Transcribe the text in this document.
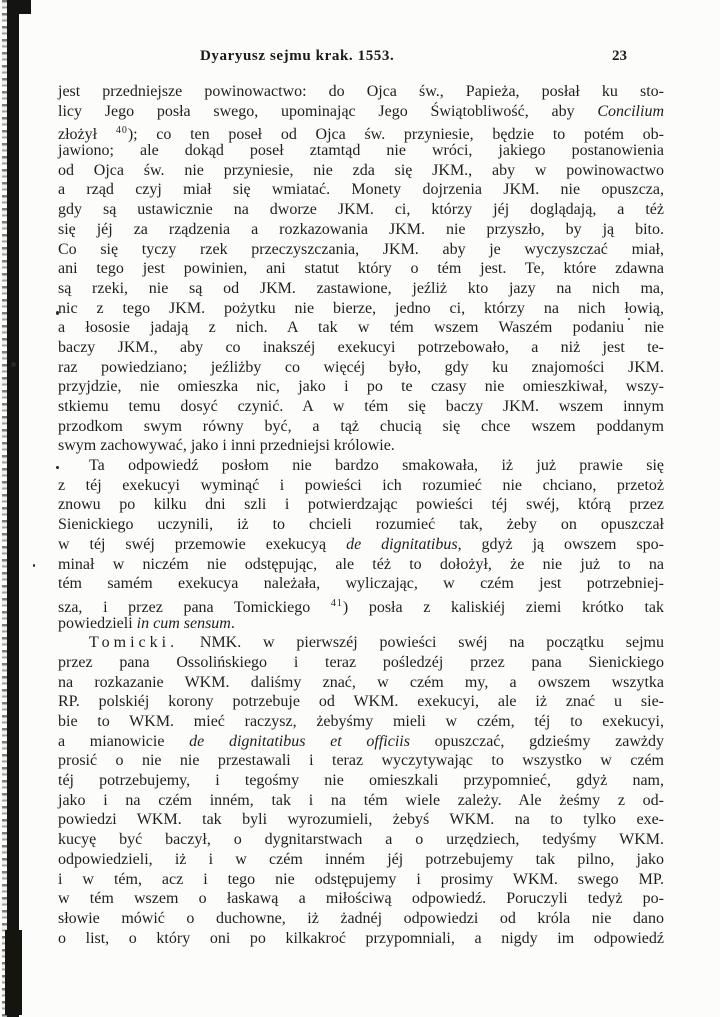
Dyaryusz sejmu krak. 1553.	23
jest przedniejsze powinowactwo: do Ojca św., Papieża, posłał ku sto-
licy Jego posła swego, upominając Jego Świątobliwość, aby Concilium
złożył $^{40}$); co ten poseł od Ojca św. przyniesie, będzie to potém ob-
jawiono; ale dokąd poseł ztamtąd nie wróci, jakiego postanowienia
od Ojca św. nie przyniesie, nie zda się JKM., aby w powinowactwo
a rząd czyj miał się wmiatać. Monety dojrzenia JKM. nie opuszcza,
gdy są ustawicznie na dworze JKM. ci, którzy jéj doglądają, a téż
się jéj za rządzenia a rozkazowania JKM. nie przyszło, by ją bito.
Co się tyczy rzek przeczyszczania, JKM. aby je wyczyszczać miał,
ani tego jest powinien, ani statut który o tém jest. Te, które zdawna
są rzeki, nie są od JKM. zastawione, jeźliż kto jazy na nich ma,
nic z tego JKM. pożytku nie bierze, jedno ci, którzy na nich łowią,
a łososie jadają z nich. A tak w tém wszem Waszém podaniu nie
baczy JKM., aby co inakszéj exekucyi potrzebowało, a niż jest te-
raz powiedziano; jeźliżby co więcéj było, gdy ku znajomości JKM.
przyjdzie, nie omieszka nic, jako i po te czasy nie omieszkiwał, wszy-
stkiemu temu dosyć czynić. A w tém się baczy JKM. wszem innym
przodkom swym równy być, a tąż chucią się chce wszem poddanym
swym zachowywać, jako i inni przedniejsi królowie.
Ta odpowiedź posłom nie bardzo smakowała, iż już prawie się
z téj exekucyi wyminąć i powieści ich rozumieć nie chciano, przetoż
znowu po kilku dni szli i potwierdzając powieści téj swéj, którą przez
Sienickiego uczynili, iż to chcieli rozumieć tak, żeby on opuszczał
w téj swéj przemowie exekucyą de dignitatibus, gdyż ją owszem spo-
minał w niczém nie odstępując, ale téż to dołożył, że nie już to na
tém samém exekucya należała, wyliczając, w czém jest potrzebniej-
sza, i przez pana Tomickiego $^{41}$) posła z kaliskiéj ziemi krótko tak
powiedzieli in cum sensum.
Tomicki. NMK. w pierwszéj powieści swéj na początku sejmu
przez pana Ossolińskiego i teraz pośledzéj przez pana Sienickiego
na rozkazanie WKM. daliśmy znać, w czém my, a owszem wszytka
RP. polskiéj korony potrzebuje od WKM. exekucyi, ale iż znać u sie-
bie to WKM. mieć raczysz, żebyśmy mieli w czém, téj to exekucyi,
a mianowicie de dignitatibus et officiis opuszczać, gdzieśmy zawżdy
prosić o nie nie przestawali i teraz wyczytywając to wszystko w czém
téj potrzebujemy, i tegośmy nie omieszkali przypomnieć, gdyż nam,
jako i na czém inném, tak i na tém wiele zależy. Ale żeśmy z od-
powiedzi WKM. tak byli wyrozumieli, żebyś WKM. na to tylko exe-
kucyę być baczył, o dygnitarstwach a o urzędziech, tedyśmy WKM.
odpowiedzieli, iż i w czém inném jéj potrzebujemy tak pilno, jako
i w tém, acz i tego nie odstępujemy i prosimy WKM. swego MP.
w tém wszem o łaskawą a miłościwą odpowiedź. Poruczyli tedyż po-
słowie mówić o duchowne, iż żadnéj odpowiedzi od króla nie dano
o list, o który oni po kilkakroć przypomniali, a nigdy im odpowiedź
